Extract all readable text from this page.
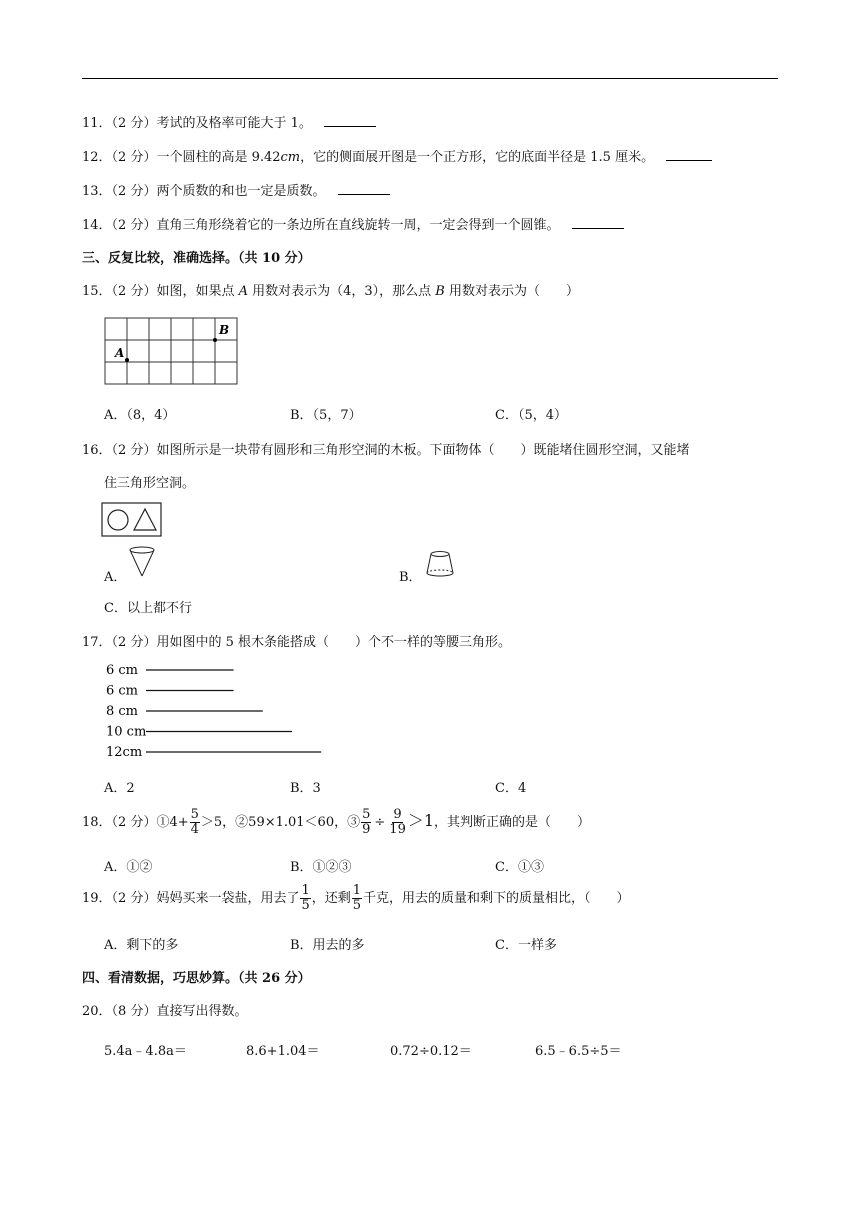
11．（2 分）考试的及格率可能大于 1。
12．（2 分）一个圆柱的高是 9.42cm，它的侧面展开图是一个正方形，它的底面半径是 1.5 厘米。
13．（2 分）两个质数的和也一定是质数。
14．（2 分）直角三角形绕着它的一条边所在直线旋转一周，一定会得到一个圆锥。
三、反复比较，准确选择。（共 10 分）
15．（2 分）如图，如果点 A 用数对表示为（4，3），那么点 B 用数对表示为（　　）
A
B
A．（8，4）	B．（5，7）	C．（5，4）
16．（2 分）如图所示是一块带有圆形和三角形空洞的木板。下面物体（　　）既能堵住圆形空洞，又能堵
住三角形空洞。
A．	B．
C．以上都不行
17．（2 分）用如图中的 5 根木条能搭成（　　）个不一样的等腰三角形。
6 cm
6 cm
8 cm
10 cm
12cm
A．2	B．3	C．4
18．（2 分）①4+ $\frac{5}{4} >5$，②59×1.01＜60，③ $\frac{5}{9} \div \frac{9}{19} >1$，其判断正确的是（　　）
A．①②	B．①②③	C．①③
19．（2 分）妈妈买来一袋盐，用去了 $\frac{1}{5}$ ，还剩 $\frac{1}{5}$ 千克，用去的质量和剩下的质量相比，（　　）
A．剩下的多	B．用去的多	C．一样多
四、看清数据，巧思妙算。（共 26 分）
20．（8 分）直接写出得数。
5.4a﹣4.8a＝	8.6+1.04＝	0.72÷0.12＝	6.5﹣6.5÷5＝
